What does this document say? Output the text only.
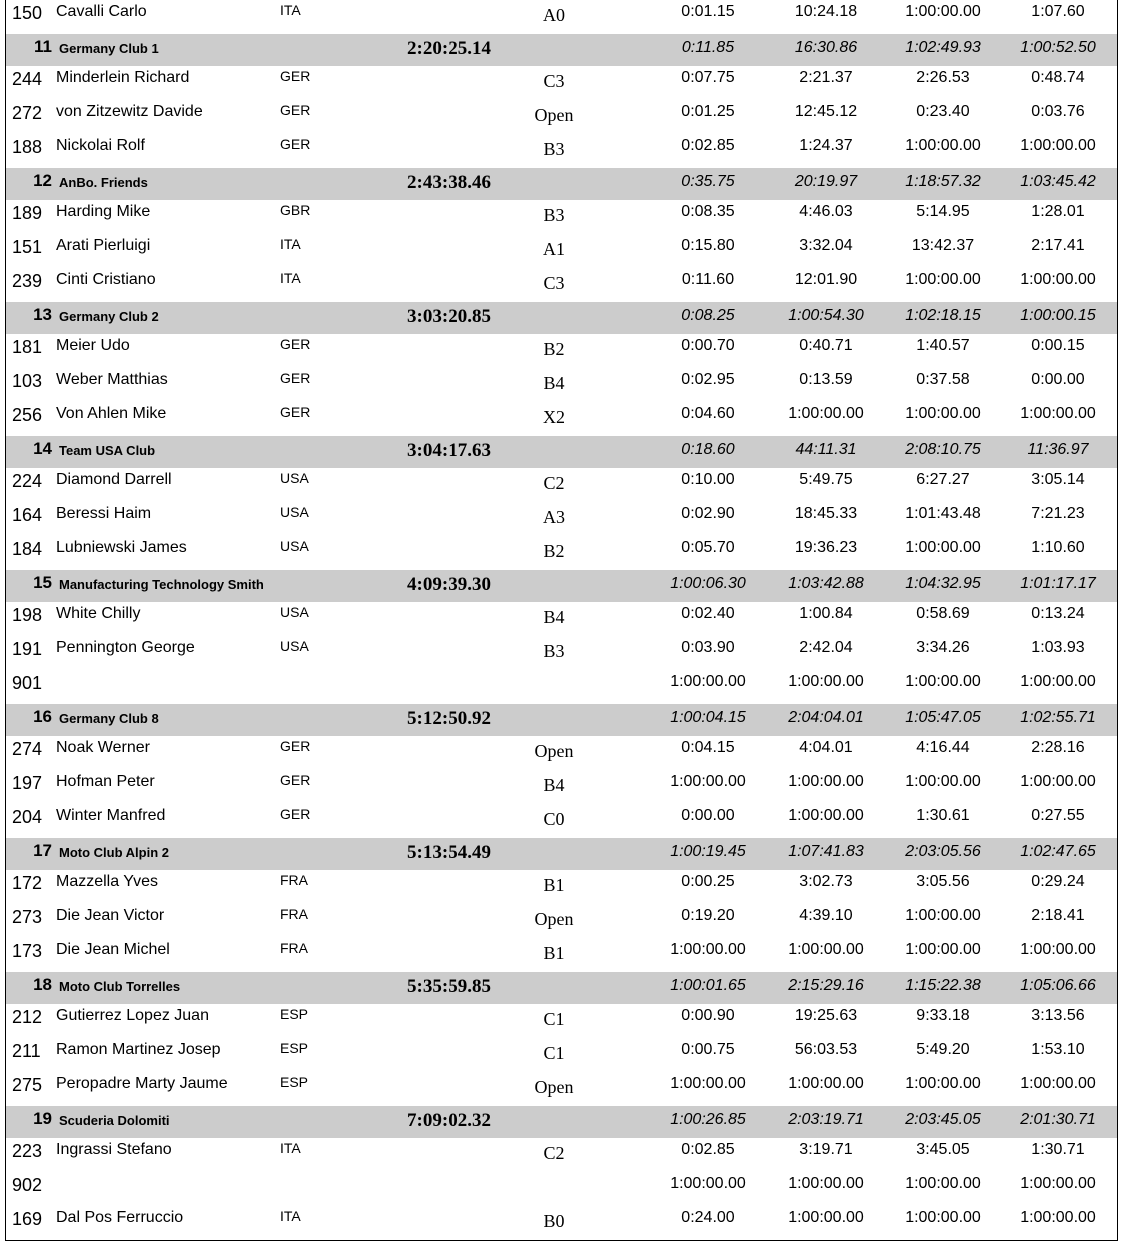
150 Cavalli Carlo	ITA	A0	0:01.15	10:24.18	1:00:00.00	1:07.60
11 Germany Club 1	2:20:25.14	0:11.85	16:30.86	1:02:49.93	1:00:52.50
244 Minderlein Richard	GER	C3	0:07.75	2:21.37	2:26.53	0:48.74
272 von Zitzewitz Davide	GER	Open	0:01.25	12:45.12	0:23.40	0:03.76
188 Nickolai Rolf	GER	B3	0:02.85	1:24.37	1:00:00.00	1:00:00.00
12 AnBo. Friends	2:43:38.46	0:35.75	20:19.97	1:18:57.32	1:03:45.42
189 Harding Mike	GBR	B3	0:08.35	4:46.03	5:14.95	1:28.01
151 Arati Pierluigi	ITA	A1	0:15.80	3:32.04	13:42.37	2:17.41
239 Cinti Cristiano	ITA	C3	0:11.60	12:01.90	1:00:00.00	1:00:00.00
13 Germany Club 2	3:03:20.85	0:08.25	1:00:54.30	1:02:18.15	1:00:00.15
181 Meier Udo	GER	B2	0:00.70	0:40.71	1:40.57	0:00.15
103 Weber Matthias	GER	B4	0:02.95	0:13.59	0:37.58	0:00.00
256 Von Ahlen Mike	GER	X2	0:04.60	1:00:00.00	1:00:00.00	1:00:00.00
14 Team USA Club	3:04:17.63	0:18.60	44:11.31	2:08:10.75	11:36.97
224 Diamond Darrell	USA	C2	0:10.00	5:49.75	6:27.27	3:05.14
164 Beressi Haim	USA	A3	0:02.90	18:45.33	1:01:43.48	7:21.23
184 Lubniewski James	USA	B2	0:05.70	19:36.23	1:00:00.00	1:10.60
15 Manufacturing Technology Smith	4:09:39.30	1:00:06.30	1:03:42.88	1:04:32.95	1:01:17.17
198 White Chilly	USA	B4	0:02.40	1:00.84	0:58.69	0:13.24
191 Pennington George	USA	B3	0:03.90	2:42.04	3:34.26	1:03.93
901	1:00:00.00	1:00:00.00	1:00:00.00	1:00:00.00
16 Germany Club 8	5:12:50.92	1:00:04.15	2:04:04.01	1:05:47.05	1:02:55.71
274 Noak Werner	GER	Open	0:04.15	4:04.01	4:16.44	2:28.16
197 Hofman Peter	GER	B4	1:00:00.00	1:00:00.00	1:00:00.00	1:00:00.00
204 Winter Manfred	GER	C0	0:00.00	1:00:00.00	1:30.61	0:27.55
17 Moto Club Alpin 2	5:13:54.49	1:00:19.45	1:07:41.83	2:03:05.56	1:02:47.65
172 Mazzella Yves	FRA	B1	0:00.25	3:02.73	3:05.56	0:29.24
273 Die Jean Victor	FRA	Open	0:19.20	4:39.10	1:00:00.00	2:18.41
173 Die Jean Michel	FRA	B1	1:00:00.00	1:00:00.00	1:00:00.00	1:00:00.00
18 Moto Club Torrelles	5:35:59.85	1:00:01.65	2:15:29.16	1:15:22.38	1:05:06.66
212 Gutierrez Lopez Juan	ESP	C1	0:00.90	19:25.63	9:33.18	3:13.56
211 Ramon Martinez Josep	ESP	C1	0:00.75	56:03.53	5:49.20	1:53.10
275 Peropadre Marty Jaume	ESP	Open	1:00:00.00	1:00:00.00	1:00:00.00	1:00:00.00
19 Scuderia Dolomiti	7:09:02.32	1:00:26.85	2:03:19.71	2:03:45.05	2:01:30.71
223 Ingrassi Stefano	ITA	C2	0:02.85	3:19.71	3:45.05	1:30.71
902	1:00:00.00	1:00:00.00	1:00:00.00	1:00:00.00
169 Dal Pos Ferruccio	ITA	B0	0:24.00	1:00:00.00	1:00:00.00	1:00:00.00
